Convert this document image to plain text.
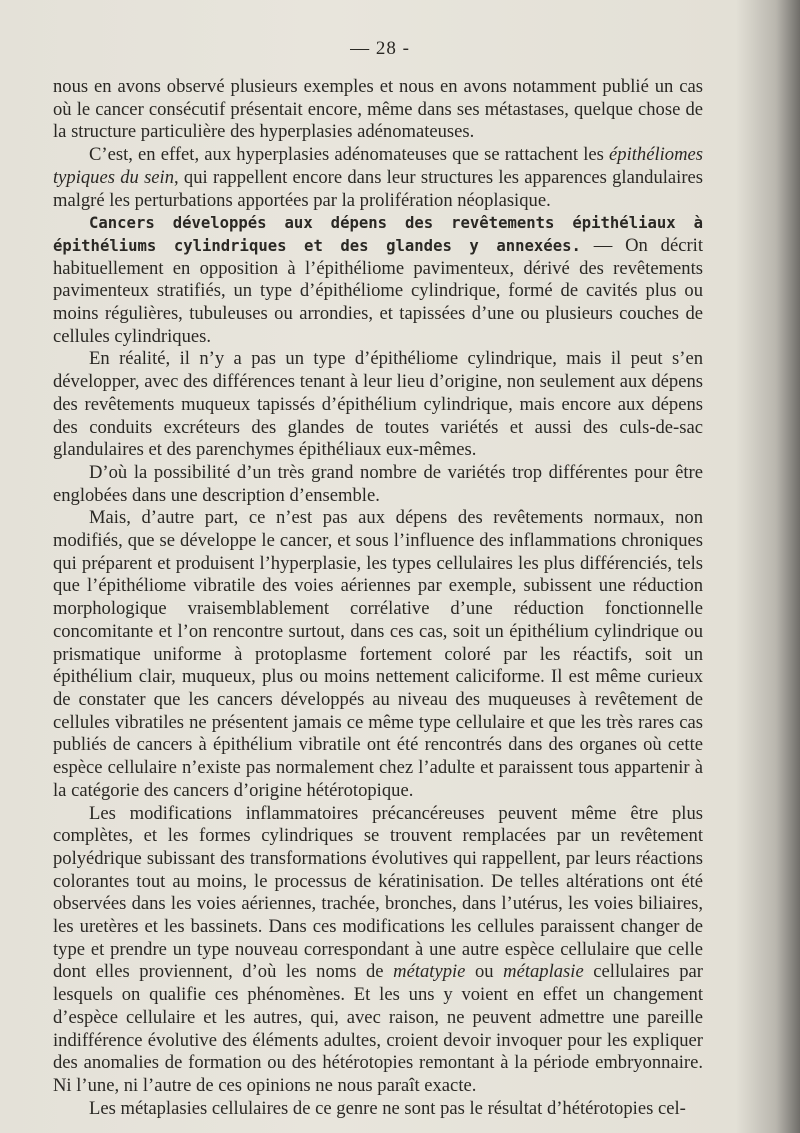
— 28 -

nous en avons observé plusieurs exemples et nous en avons notamment publié un cas où le cancer consécutif présentait encore, même dans ses métastases, quelque chose de la structure particulière des hyperplasies adénomateuses.

C’est, en effet, aux hyperplasies adénomateuses que se rattachent les épithéliomes typiques du sein, qui rappellent encore dans leur structures les apparences glandulaires malgré les perturbations apportées par la prolifération néoplasique.

Cancers développés aux dépens des revêtements épithéliaux à épithéliums cylindriques et des glandes y annexées. — On décrit habituellement en opposition à l’épithéliome pavimenteux, dérivé des revêtements pavimenteux stratifiés, un type d’épithéliome cylindrique, formé de cavités plus ou moins régulières, tubuleuses ou arrondies, et tapissées d’une ou plusieurs couches de cellules cylindriques.

En réalité, il n’y a pas un type d’épithéliome cylindrique, mais il peut s’en développer, avec des différences tenant à leur lieu d’origine, non seulement aux dépens des revêtements muqueux tapissés d’épithélium cylindrique, mais encore aux dépens des conduits excréteurs des glandes de toutes variétés et aussi des culs-de-sac glandulaires et des parenchymes épithéliaux eux-mêmes.

D’où la possibilité d’un très grand nombre de variétés trop différentes pour être englobées dans une description d’ensemble.

Mais, d’autre part, ce n’est pas aux dépens des revêtements normaux, non modifiés, que se développe le cancer, et sous l’influence des inflammations chroniques qui préparent et produisent l’hyperplasie, les types cellulaires les plus différenciés, tels que l’épithéliome vibratile des voies aériennes par exemple, subissent une réduction morphologique vraisemblablement corrélative d’une réduction fonctionnelle concomitante et l’on rencontre surtout, dans ces cas, soit un épithélium cylindrique ou prismatique uniforme à protoplasme fortement coloré par les réactifs, soit un épithélium clair, muqueux, plus ou moins nettement caliciforme. Il est même curieux de constater que les cancers développés au niveau des muqueuses à revêtement de cellules vibratiles ne présentent jamais ce même type cellulaire et que les très rares cas publiés de cancers à épithélium vibratile ont été rencontrés dans des organes où cette espèce cellulaire n’existe pas normalement chez l’adulte et paraissent tous appartenir à la catégorie des cancers d’origine hétérotopique.

Les modifications inflammatoires précancéreuses peuvent même être plus complètes, et les formes cylindriques se trouvent remplacées par un revêtement polyédrique subissant des transformations évolutives qui rappellent, par leurs réactions colorantes tout au moins, le processus de kératinisation. De telles altérations ont été observées dans les voies aériennes, trachée, bronches, dans l’utérus, les voies biliaires, les uretères et les bassinets. Dans ces modifications les cellules paraissent changer de type et prendre un type nouveau correspondant à une autre espèce cellulaire que celle dont elles proviennent, d’où les noms de métatypie ou métaplasie cellulaires par lesquels on qualifie ces phénomènes. Et les uns y voient en effet un changement d’espèce cellulaire et les autres, qui, avec raison, ne peuvent admettre une pareille indifférence évolutive des éléments adultes, croient devoir invoquer pour les expliquer des anomalies de formation ou des hétérotopies remontant à la période embryonnaire. Ni l’une, ni l’autre de ces opinions ne nous paraît exacte.

Les métaplasies cellulaires de ce genre ne sont pas le résultat d’hétérotopies cel-
